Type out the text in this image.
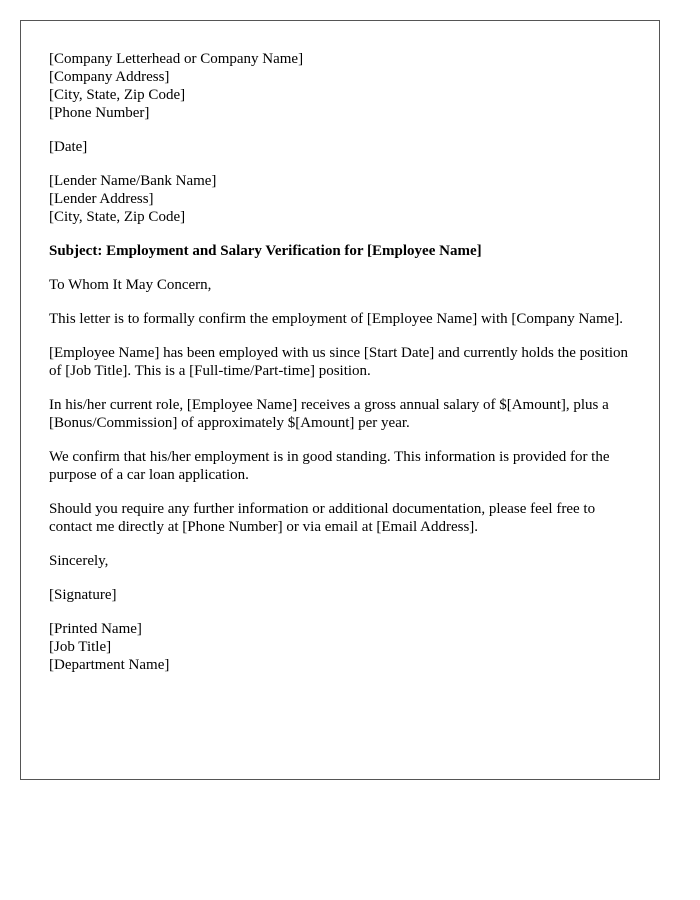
[Company Letterhead or Company Name]
[Company Address]
[City, State, Zip Code]
[Phone Number]
[Date]
[Lender Name/Bank Name]
[Lender Address]
[City, State, Zip Code]
Subject: Employment and Salary Verification for [Employee Name]
To Whom It May Concern,
This letter is to formally confirm the employment of [Employee Name] with [Company Name].
[Employee Name] has been employed with us since [Start Date] and currently holds the position of [Job Title]. This is a [Full-time/Part-time] position.
In his/her current role, [Employee Name] receives a gross annual salary of $[Amount], plus a [Bonus/Commission] of approximately $[Amount] per year.
We confirm that his/her employment is in good standing. This information is provided for the purpose of a car loan application.
Should you require any further information or additional documentation, please feel free to contact me directly at [Phone Number] or via email at [Email Address].
Sincerely,
[Signature]
[Printed Name]
[Job Title]
[Department Name]
